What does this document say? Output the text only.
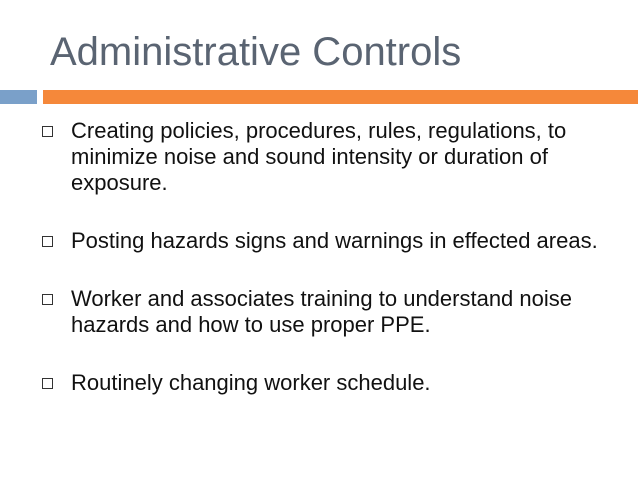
Administrative Controls
Creating policies, procedures, rules, regulations, to minimize noise and sound intensity or duration of exposure.
Posting hazards signs and warnings in effected areas.
Worker and associates training to understand noise hazards and how to use proper PPE.
Routinely changing worker schedule.
